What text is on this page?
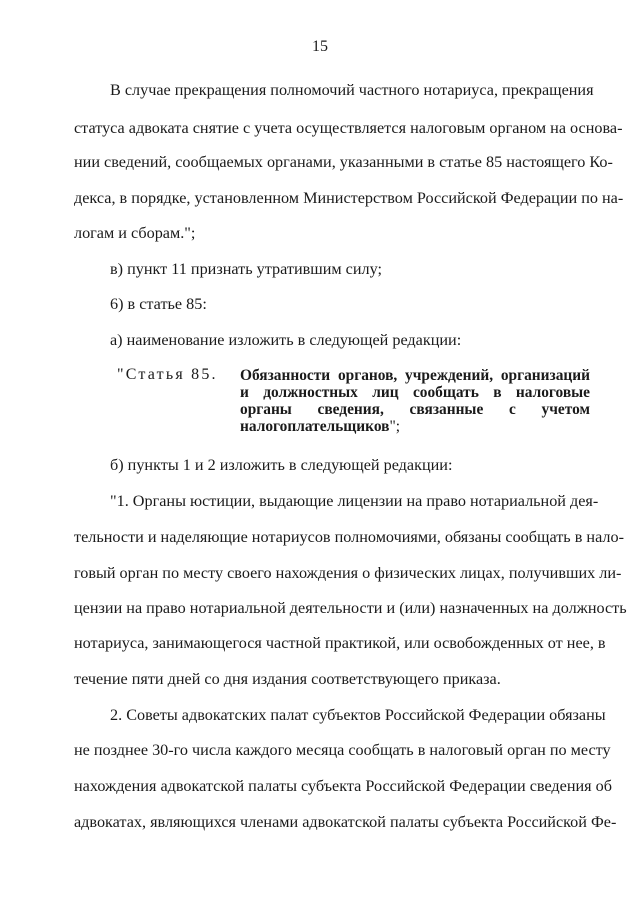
15
В случае прекращения полномочий частного нотариуса, прекращения
статуса адвоката снятие с учета осуществляется налоговым органом на основа-
нии сведений, сообщаемых органами, указанными в статье 85 настоящего Ко-
декса, в порядке, установленном Министерством Российской Федерации по на-
логам и сборам.";
в) пункт 11 признать утратившим силу;
6) в статье 85:
а) наименование изложить в следующей редакции:
"Статья 85. Обязанности органов, учреждений, организаций
и должностных лиц сообщать в налоговые
органы сведения, связанные с учетом
налогоплательщиков";
б) пункты 1 и 2 изложить в следующей редакции:
"1. Органы юстиции, выдающие лицензии на право нотариальной дея-
тельности и наделяющие нотариусов полномочиями, обязаны сообщать в нало-
говый орган по месту своего нахождения о физических лицах, получивших ли-
цензии на право нотариальной деятельности и (или) назначенных на должность
нотариуса, занимающегося частной практикой, или освобожденных от нее, в
течение пяти дней со дня издания соответствующего приказа.
2. Советы адвокатских палат субъектов Российской Федерации обязаны
не позднее 30-го числа каждого месяца сообщать в налоговый орган по месту
нахождения адвокатской палаты субъекта Российской Федерации сведения об
адвокатах, являющихся членами адвокатской палаты субъекта Российской Фе-
